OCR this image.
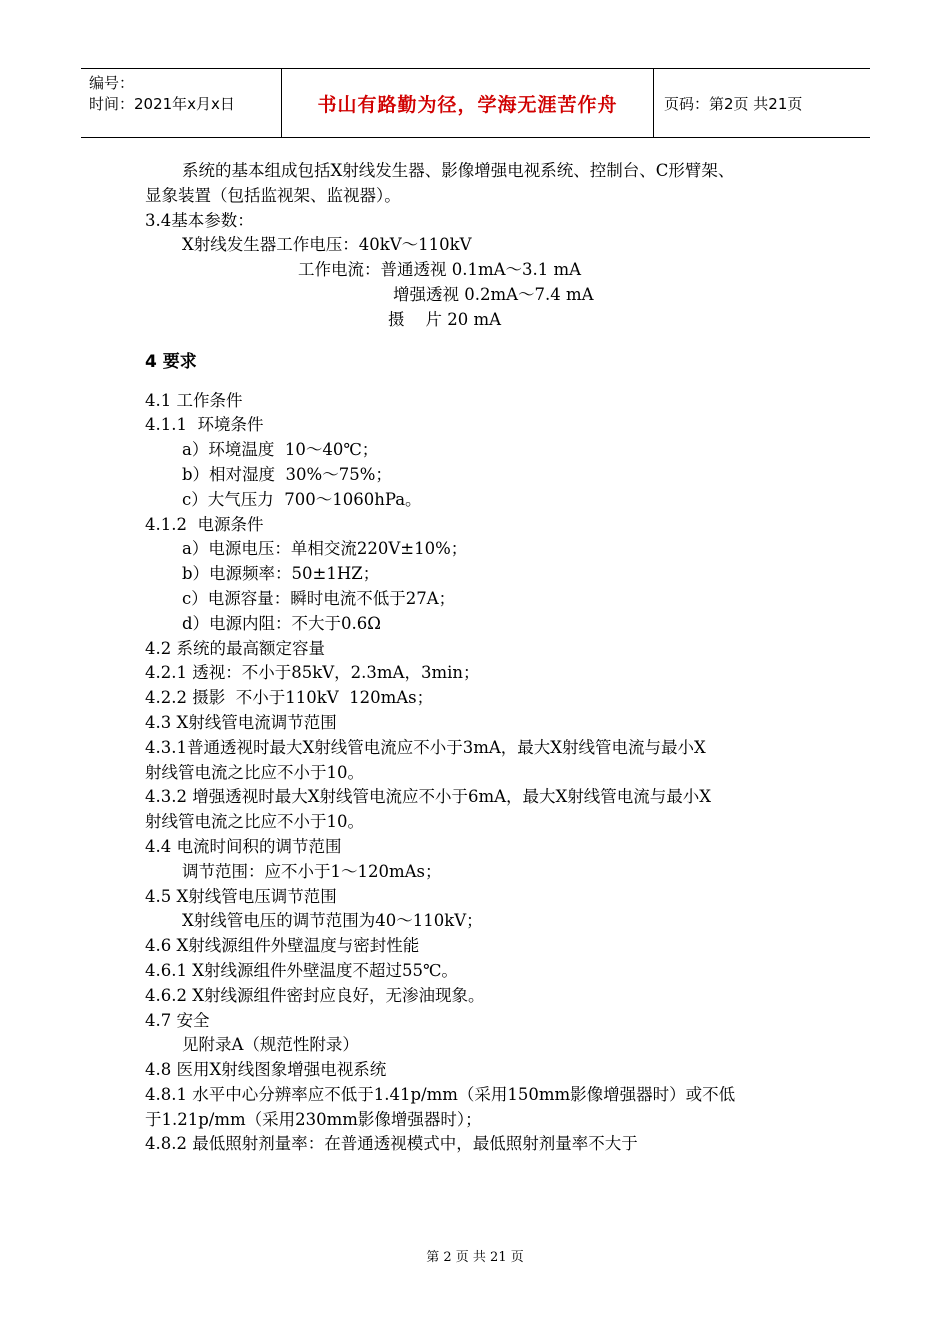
编号：
时间：2021年x月x日	书山有路勤为径，学海无涯苦作舟	页码：第2页 共21页
系统的基本组成包括X射线发生器、影像增强电视系统、控制台、C形臂架、
显象装置（包括监视架、监视器）。
3.4基本参数：
X射线发生器工作电压：40kV～110kV
工作电流：普通透视 0.1mA～3.1 mA
增强透视 0.2mA～7.4 mA
摄    片 20 mA
4 要求
4.1 工作条件
4.1.1  环境条件
a）环境温度  10～40℃；
b）相对湿度  30%～75%；
c）大气压力  700～1060hPa。
4.1.2  电源条件
a）电源电压：单相交流220V±10%；
b）电源频率：50±1HZ；
c）电源容量：瞬时电流不低于27A；
d）电源内阻：不大于0.6Ω
4.2 系统的最高额定容量
4.2.1 透视：不小于85kV，2.3mA，3min；
4.2.2 摄影  不小于110kV  120mAs；
4.3 X射线管电流调节范围
4.3.1普通透视时最大X射线管电流应不小于3mA，最大X射线管电流与最小X
射线管电流之比应不小于10。
4.3.2 增强透视时最大X射线管电流应不小于6mA，最大X射线管电流与最小X
射线管电流之比应不小于10。
4.4 电流时间积的调节范围
调节范围：应不小于1～120mAs；
4.5 X射线管电压调节范围
X射线管电压的调节范围为40～110kV；
4.6 X射线源组件外壁温度与密封性能
4.6.1 X射线源组件外壁温度不超过55℃。
4.6.2 X射线源组件密封应良好，无渗油现象。
4.7 安全
见附录A（规范性附录）
4.8 医用X射线图象增强电视系统
4.8.1 水平中心分辨率应不低于1.41p/mm（采用150mm影像增强器时）或不低
于1.21p/mm（采用230mm影像增强器时）；
4.8.2 最低照射剂量率：在普通透视模式中，最低照射剂量率不大于
第 2 页 共 21 页
